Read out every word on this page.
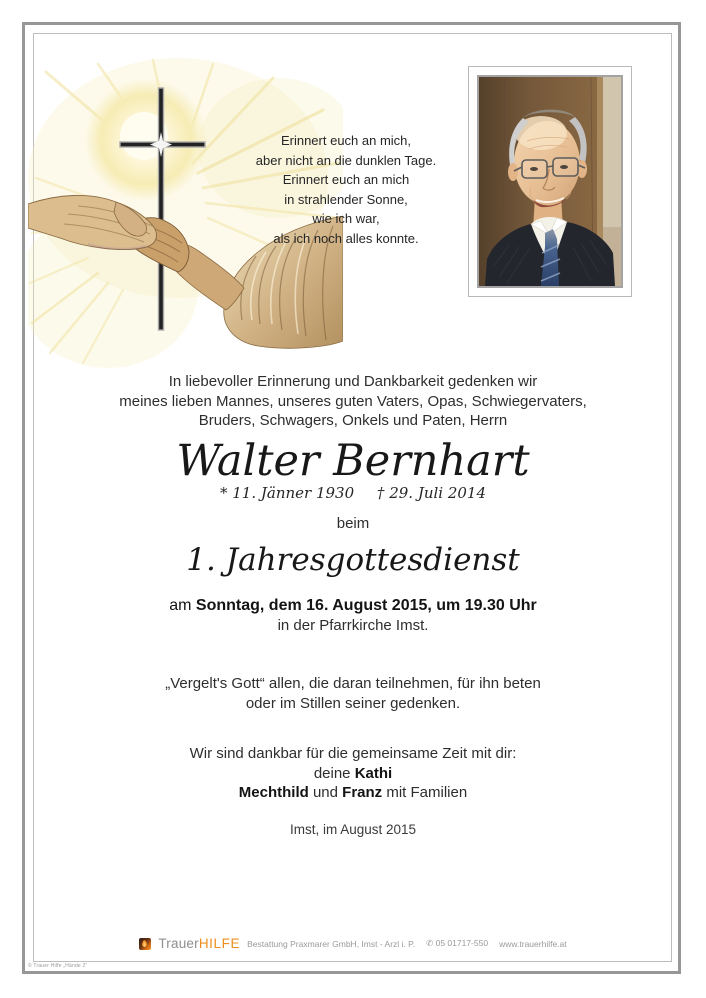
Erinnert euch an mich,
aber nicht an die dunklen Tage.
Erinnert euch an mich
in strahlender Sonne,
wie ich war,
als ich noch alles konnte.
In liebevoller Erinnerung und Dankbarkeit gedenken wir
meines lieben Mannes, unseres guten Vaters, Opas, Schwiegervaters,
Bruders, Schwagers, Onkels und Paten, Herrn
Walter Bernhart
* 11. Jänner 1930 † 29. Juli 2014
beim
1. Jahresgottesdienst
am Sonntag, dem 16. August 2015, um 19.30 Uhr
in der Pfarrkirche Imst.
„Vergelt's Gott“ allen, die daran teilnehmen, für ihn beten
oder im Stillen seiner gedenken.
Wir sind dankbar für die gemeinsame Zeit mit dir:
deine Kathi
Mechthild und Franz mit Familien
Imst, im August 2015
TrauerHILFE Bestattung Praxmarer GmbH, Imst - Arzl i. P. ✆ 05 01717-550 www.trauerhilfe.at
© Trauer Hilfe „Hände 2“
